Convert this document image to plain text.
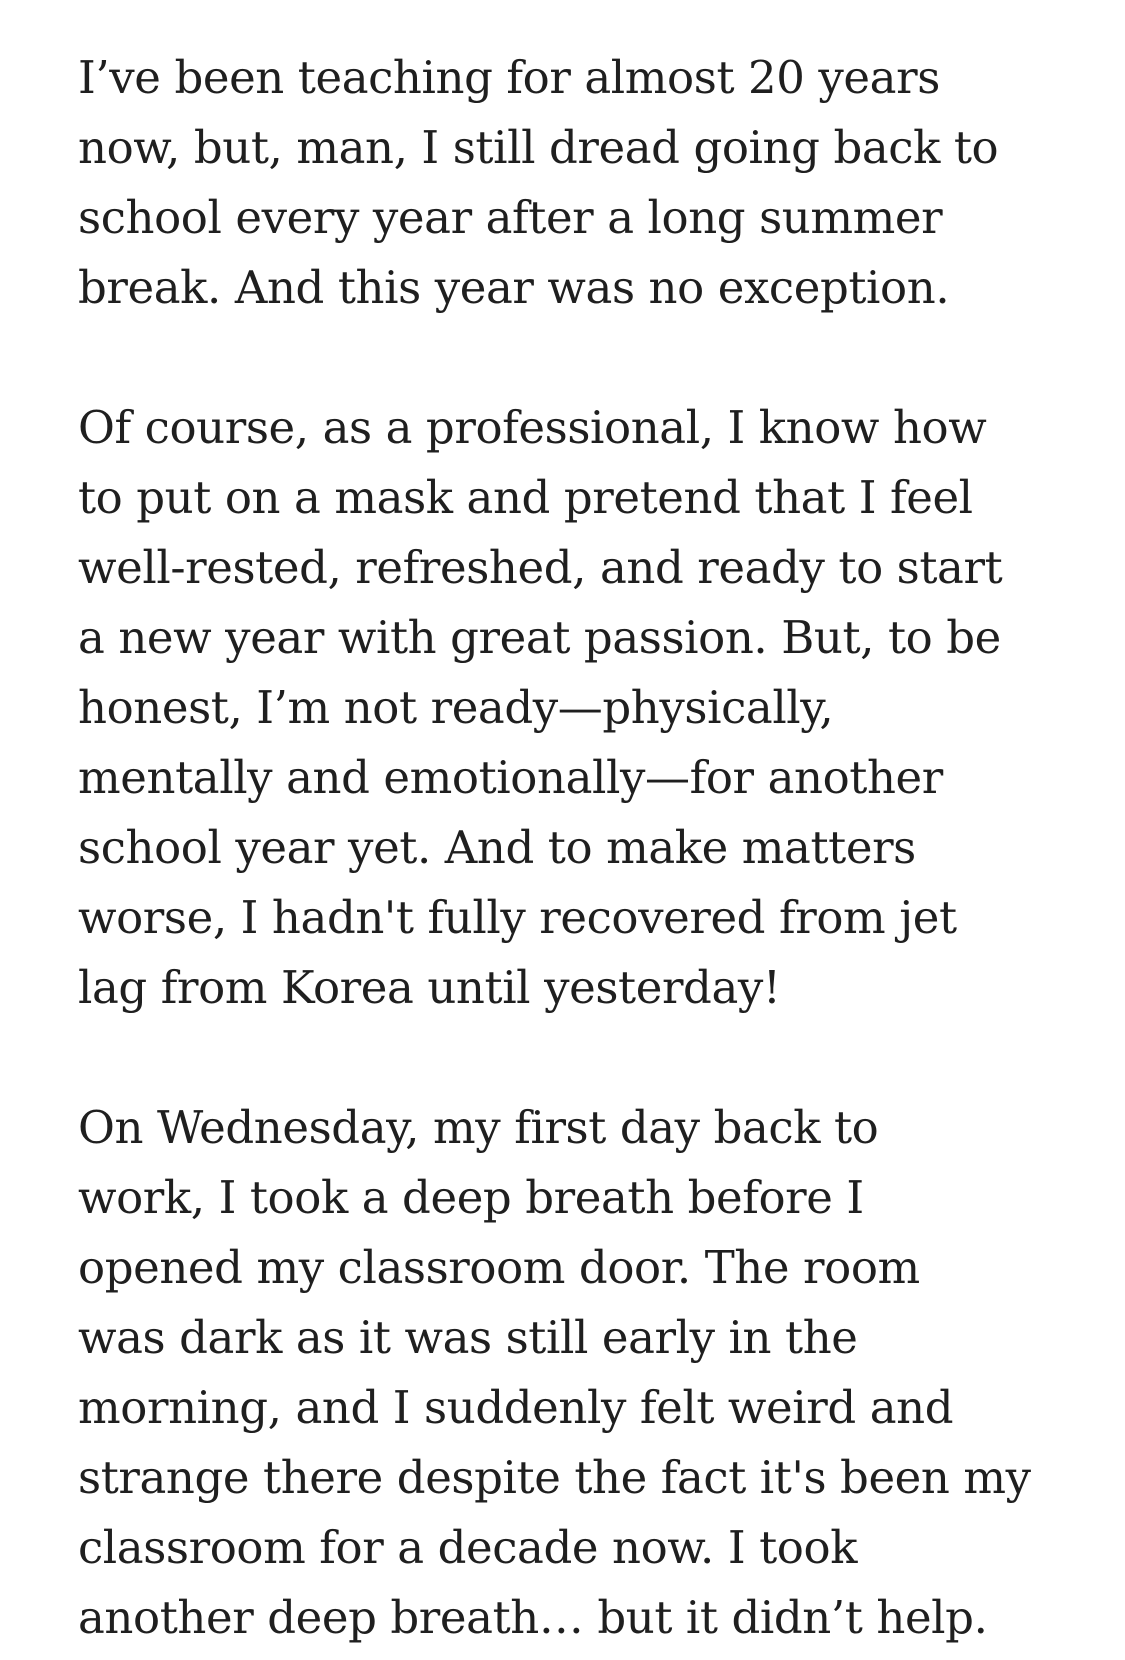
I’ve been teaching for almost 20 years
now, but, man, I still dread going back to
school every year after a long summer
break. And this year was no exception.

Of course, as a professional, I know how
to put on a mask and pretend that I feel
well-rested, refreshed, and ready to start
a new year with great passion. But, to be
honest, I’m not ready—physically,
mentally and emotionally—for another
school year yet. And to make matters
worse, I hadn't fully recovered from jet
lag from Korea until yesterday!

On Wednesday, my first day back to
work, I took a deep breath before I
opened my classroom door. The room
was dark as it was still early in the
morning, and I suddenly felt weird and
strange there despite the fact it's been my
classroom for a decade now. I took
another deep breath… but it didn’t help.
